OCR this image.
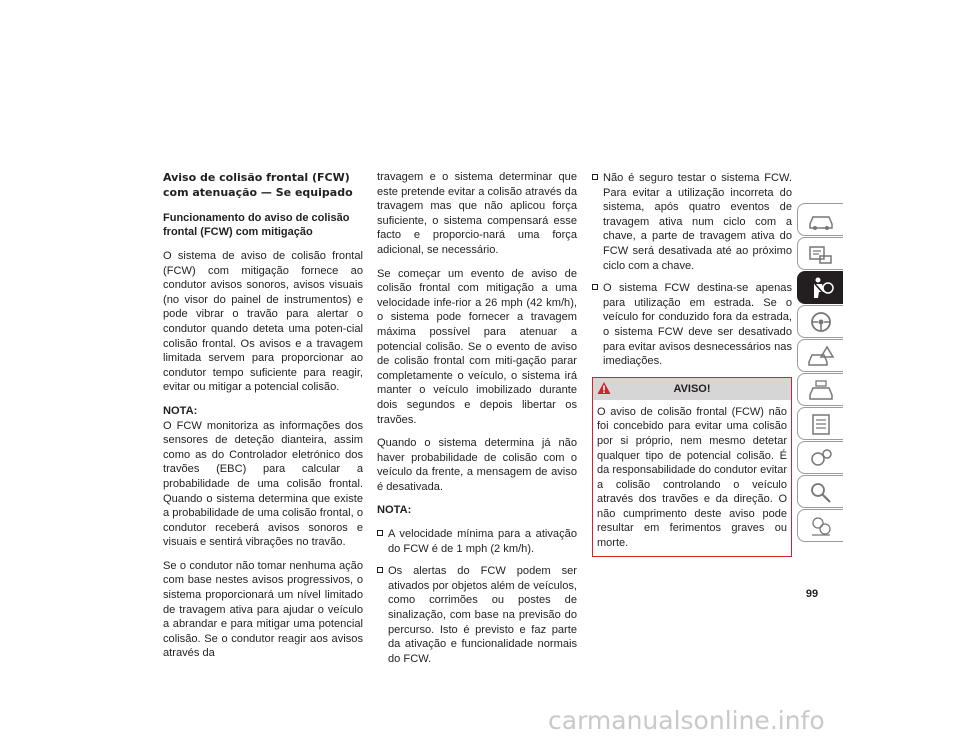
Aviso de colisão frontal (FCW) com atenuação — Se equipado
Funcionamento do aviso de colisão frontal (FCW) com mitigação

O sistema de aviso de colisão frontal (FCW) com mitigação fornece ao condutor avisos sonoros, avisos visuais (no visor do painel de instrumentos) e pode vibrar o travão para alertar o condutor quando deteta uma poten-cial colisão frontal. Os avisos e a travagem limitada servem para proporcionar ao condutor tempo suficiente para reagir, evitar ou mitigar a potencial colisão.

NOTA:
O FCW monitoriza as informações dos sensores de deteção dianteira, assim como as do Controlador eletrónico dos travões (EBC) para calcular a probabilidade de uma colisão frontal. Quando o sistema determina que existe a probabilidade de uma colisão frontal, o condutor receberá avisos sonoros e visuais e sentirá vibrações no travão.

Se o condutor não tomar nenhuma ação com base nestes avisos progressivos, o sistema proporcionará um nível limitado de travagem ativa para ajudar o veículo a abrandar e para mitigar uma potencial colisão. Se o condutor reagir aos avisos através da

travagem e o sistema determinar que este pretende evitar a colisão através da travagem mas que não aplicou força suficiente, o sistema compensará esse facto e proporcio-nará uma força adicional, se necessário.

Se começar um evento de aviso de colisão frontal com mitigação a uma velocidade infe-rior a 26 mph (42 km/h), o sistema pode fornecer a travagem máxima possível para atenuar a potencial colisão. Se o evento de aviso de colisão frontal com miti-gação parar completamente o veículo, o sistema irá manter o veículo imobilizado durante dois segundos e depois libertar os travões.

Quando o sistema determina já não haver probabilidade de colisão com o veículo da frente, a mensagem de aviso é desativada.

NOTA:

A velocidade mínima para a ativação do FCW é de 1 mph (2 km/h).
Os alertas do FCW podem ser ativados por objetos além de veículos, como corrimões ou postes de sinalização, com base na previsão do percurso. Isto é previsto e faz parte da ativação e funcionalidade normais do FCW.
Não é seguro testar o sistema FCW. Para evitar a utilização incorreta do sistema, após quatro eventos de travagem ativa num ciclo com a chave, a parte de travagem ativa do FCW será desativada até ao próximo ciclo com a chave.
O sistema FCW destina-se apenas para utilização em estrada. Se o veículo for conduzido fora da estrada, o sistema FCW deve ser desativado para evitar avisos desnecessários nas imediações.
AVISO!
O aviso de colisão frontal (FCW) não foi concebido para evitar uma colisão por si próprio, nem mesmo detetar qualquer tipo de potencial colisão. É da responsabilidade do condutor evitar a colisão controlando o veículo através dos travões e da direção. O não cumprimento deste aviso pode resultar em ferimentos graves ou morte.
99
carmanualsonline.info
